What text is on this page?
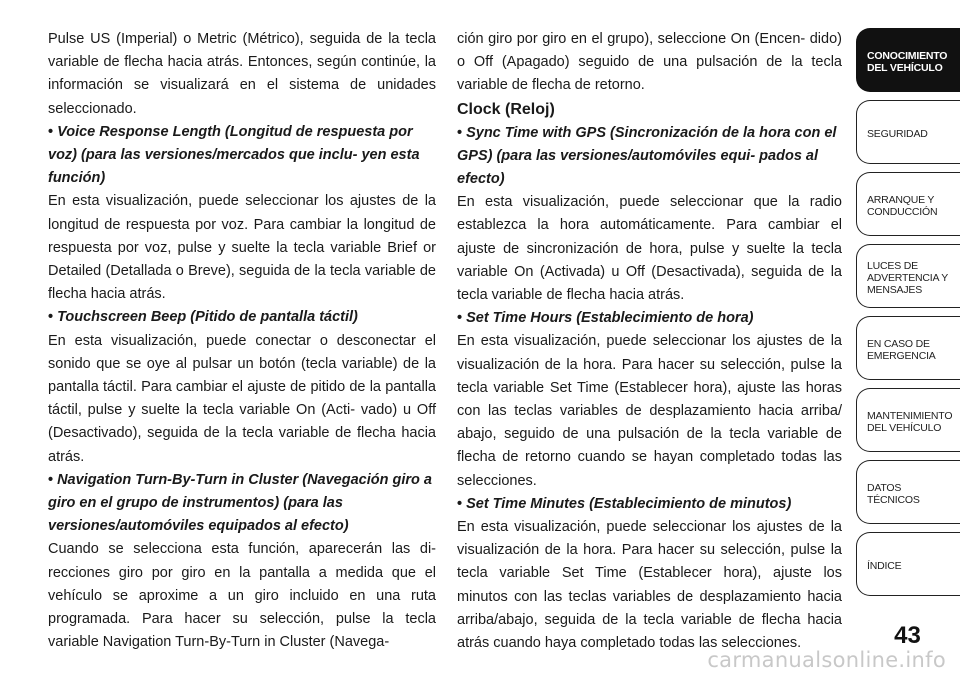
Pulse US (Imperial) o Metric (Métrico), seguida de la tecla variable de flecha hacia atrás. Entonces, según continúe, la información se visualizará en el sistema de unidades seleccionado.

• Voice Response Length (Longitud de respuesta por voz) (para las versiones/mercados que inclu- yen esta función)

En esta visualización, puede seleccionar los ajustes de la longitud de respuesta por voz. Para cambiar la longitud de respuesta por voz, pulse y suelte la tecla variable Brief or Detailed (Detallada o Breve), seguida de la tecla variable de flecha hacia atrás.

• Touchscreen Beep (Pitido de pantalla táctil)

En esta visualización, puede conectar o desconectar el sonido que se oye al pulsar un botón (tecla variable) de la pantalla táctil. Para cambiar el ajuste de pitido de la pantalla táctil, pulse y suelte la tecla variable On (Acti- vado) u Off (Desactivado), seguida de la tecla variable de flecha hacia atrás.

• Navigation Turn-By-Turn in Cluster (Navegación giro a giro en el grupo de instrumentos) (para las versiones/automóviles equipados al efecto)

Cuando se selecciona esta función, aparecerán las di- recciones giro por giro en la pantalla a medida que el vehículo se aproxime a un giro incluido en una ruta programada. Para hacer su selección, pulse la tecla variable Navigation Turn-By-Turn in Cluster (Navega-

ción giro por giro en el grupo), seleccione On (Encen- dido) o Off (Apagado) seguido de una pulsación de la tecla variable de flecha de retorno.

Clock (Reloj)

• Sync Time with GPS (Sincronización de la hora con el GPS) (para las versiones/automóviles equi- pados al efecto)

En esta visualización, puede seleccionar que la radio establezca la hora automáticamente. Para cambiar el ajuste de sincronización de hora, pulse y suelte la tecla variable On (Activada) u Off (Desactivada), seguida de la tecla variable de flecha hacia atrás.

• Set Time Hours (Establecimiento de hora)

En esta visualización, puede seleccionar los ajustes de la visualización de la hora. Para hacer su selección, pulse la tecla variable Set Time (Establecer hora), ajuste las horas con las teclas variables de desplazamiento hacia arriba/ abajo, seguido de una pulsación de la tecla variable de flecha de retorno cuando se hayan completado todas las selecciones.

• Set Time Minutes (Establecimiento de minutos)

En esta visualización, puede seleccionar los ajustes de la visualización de la hora. Para hacer su selección, pulse la tecla variable Set Time (Establecer hora), ajuste los minutos con las teclas variables de desplazamiento hacia arriba/abajo, seguida de la tecla variable de flecha hacia atrás cuando haya completado todas las selecciones.

CONOCIMIENTO DEL VEHÍCULO
SEGURIDAD
ARRANQUE Y CONDUCCIÓN
LUCES DE ADVERTENCIA Y MENSAJES
EN CASO DE EMERGENCIA
MANTENIMIENTO DEL VEHÍCULO
DATOS TÉCNICOS
ÍNDICE
43
carmanualsonline.info
